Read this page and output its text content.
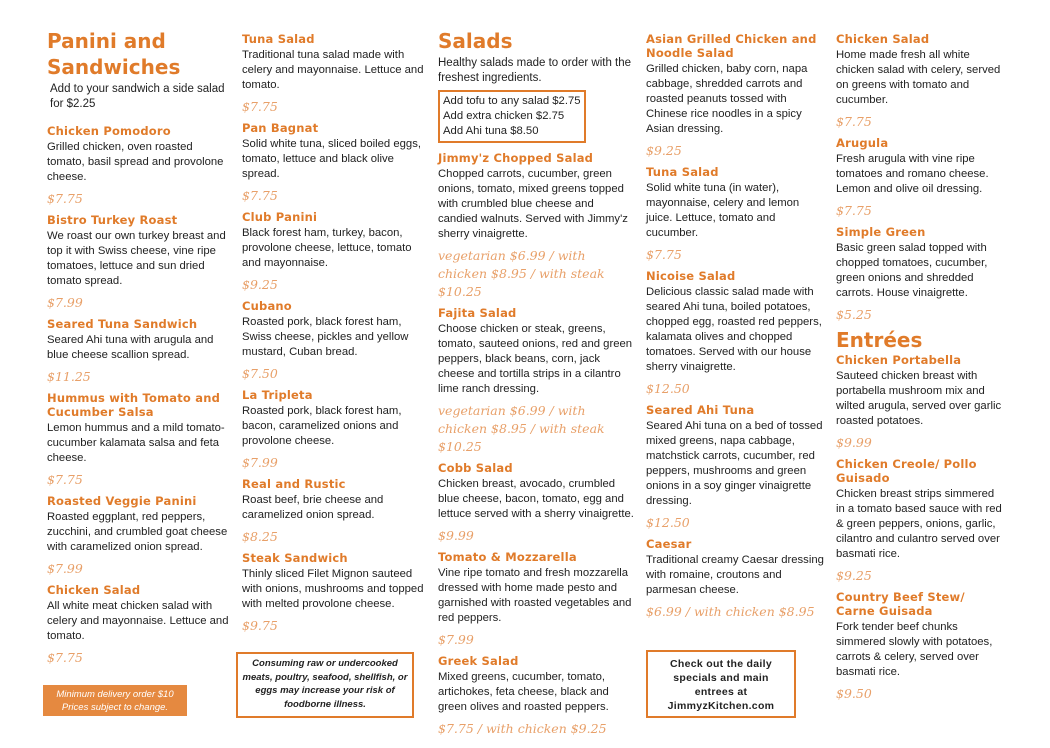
Panini and
Sandwiches
Add to your sandwich a side salad for $2.25
Chicken Pomodoro
Grilled chicken, oven roasted tomato, basil spread and provolone cheese.
$7.75
Bistro Turkey Roast
We roast our own turkey breast and top it with Swiss cheese, vine ripe tomatoes, lettuce and sun dried tomato spread.
$7.99
Seared Tuna Sandwich
Seared Ahi tuna with arugula and blue cheese scallion spread.
$11.25
Hummus with Tomato and Cucumber Salsa
Lemon hummus and a mild tomato-cucumber kalamata salsa and feta cheese.
$7.75
Roasted Veggie Panini
Roasted eggplant, red peppers, zucchini, and crumbled goat cheese with caramelized onion spread.
$7.99
Chicken Salad
All white meat chicken salad with celery and mayonnaise. Lettuce and tomato.
$7.75
Tuna Salad
Traditional tuna salad made with celery and mayonnaise. Lettuce and tomato.
$7.75
Pan Bagnat
Solid white tuna, sliced boiled eggs, tomato, lettuce and black olive spread.
$7.75
Club Panini
Black forest ham, turkey, bacon, provolone cheese, lettuce, tomato and mayonnaise.
$9.25
Cubano
Roasted pork, black forest ham, Swiss cheese, pickles and yellow mustard, Cuban bread.
$7.50
La Tripleta
Roasted pork, black forest ham, bacon, caramelized onions and provolone cheese.
$7.99
Real and Rustic
Roast beef, brie cheese and caramelized onion spread.
$8.25
Steak Sandwich
Thinly sliced Filet Mignon sauteed with onions, mushrooms and topped with melted provolone cheese.
$9.75
Salads
Healthy salads made to order with the freshest ingredients.
Add tofu to any salad $2.75
Add extra chicken $2.75
Add Ahi tuna $8.50
Jimmy'z Chopped Salad
Chopped carrots, cucumber, green onions, tomato, mixed greens topped with crumbled blue cheese and candied walnuts. Served with Jimmy'z sherry vinaigrette.
vegetarian $6.99 / with chicken $8.95 / with steak $10.25
Fajita Salad
Choose chicken or steak, greens, tomato, sauteed onions, red and green peppers, black beans, corn, jack cheese and tortilla strips in a cilantro lime ranch dressing.
vegetarian $6.99 / with chicken $8.95 / with steak $10.25
Cobb Salad
Chicken breast, avocado, crumbled blue cheese, bacon, tomato, egg and lettuce served with a sherry vinaigrette.
$9.99
Tomato & Mozzarella
Vine ripe tomato and fresh mozzarella dressed with home made pesto and garnished with roasted vegetables and red peppers.
$7.99
Greek Salad
Mixed greens, cucumber, tomato, artichokes, feta cheese, black and green olives and roasted peppers.
$7.75 / with chicken $9.25
Asian Grilled Chicken and Noodle Salad
Grilled chicken, baby corn, napa cabbage, shredded carrots and roasted peanuts tossed with Chinese rice noodles in a spicy Asian dressing.
$9.25
Tuna Salad
Solid white tuna (in water), mayonnaise, celery and lemon juice. Lettuce, tomato and cucumber.
$7.75
Nicoise Salad
Delicious classic salad made with seared Ahi tuna, boiled potatoes, chopped egg, roasted red peppers, kalamata olives and chopped tomatoes. Served with our house sherry vinaigrette.
$12.50
Seared Ahi Tuna
Seared Ahi tuna on a bed of tossed mixed greens, napa cabbage, matchstick carrots, cucumber, red peppers, mushrooms and green onions in a soy ginger vinaigrette dressing.
$12.50
Caesar
Traditional creamy Caesar dressing with romaine, croutons and parmesan cheese.
$6.99 / with chicken $8.95
Chicken Salad
Home made fresh all white chicken salad with celery, served on greens with tomato and cucumber.
$7.75
Arugula
Fresh arugula with vine ripe tomatoes and romano cheese. Lemon and olive oil dressing.
$7.75
Simple Green
Basic green salad topped with chopped tomatoes, cucumber, green onions and shredded carrots. House vinaigrette.
$5.25
Entrées
Chicken Portabella
Sauteed chicken breast with portabella mushroom mix and wilted arugula, served over garlic roasted potatoes.
$9.99
Chicken Creole/ Pollo Guisado
Chicken breast strips simmered in a tomato based sauce with red & green peppers, onions, garlic, cilantro and culantro served over basmati rice.
$9.25
Country Beef Stew/ Carne Guisada
Fork tender beef chunks simmered slowly with potatoes, carrots & celery, served over basmati rice.
$9.50
Minimum delivery order $10
Prices subject to change.
Consuming raw or undercooked meats, poultry, seafood, shellfish, or eggs may increase your risk of foodborne illness.
Check out the daily
specials and main
entrees at
JimmyzKitchen.com
